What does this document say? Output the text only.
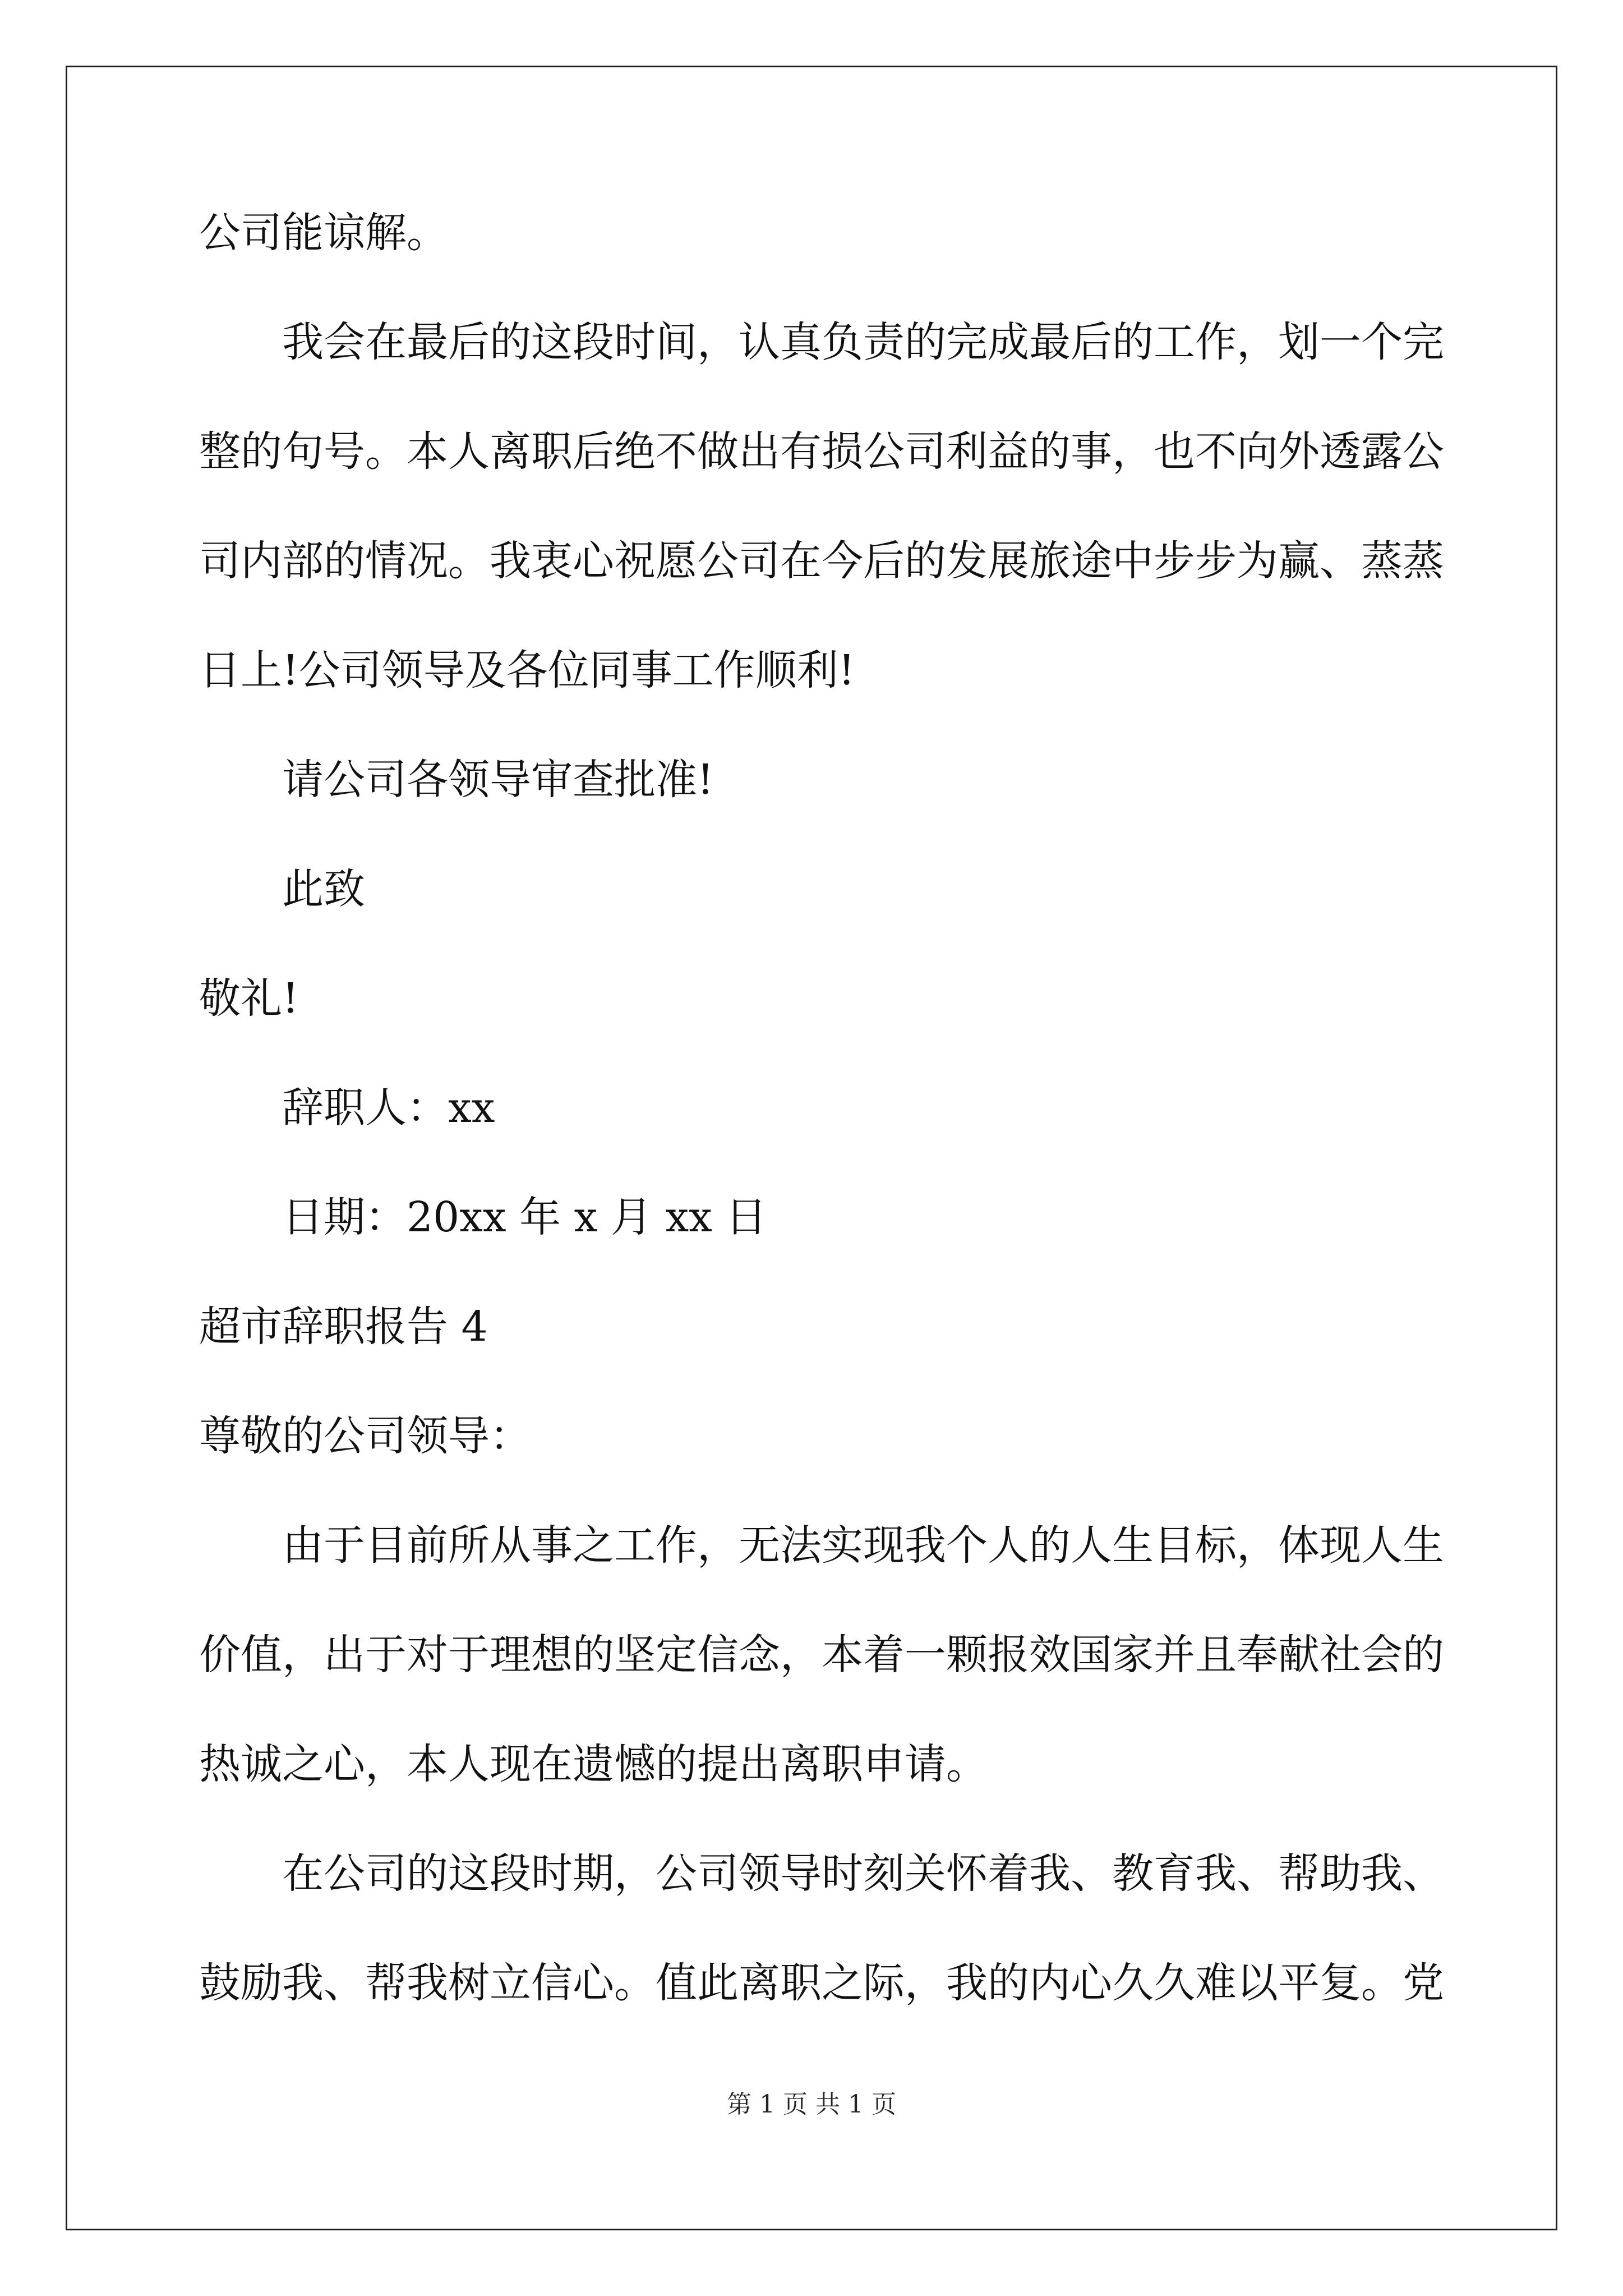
公司能谅解。
我会在最后的这段时间，认真负责的完成最后的工作，划一个完
整的句号。本人离职后绝不做出有损公司利益的事，也不向外透露公
司内部的情况。我衷心祝愿公司在今后的发展旅途中步步为赢、蒸蒸
日上!公司领导及各位同事工作顺利!
请公司各领导审查批准!
此致
敬礼!
辞职人：xx
日期：20xx 年 x 月 xx 日
超市辞职报告 4
尊敬的公司领导：
由于目前所从事之工作，无法实现我个人的人生目标，体现人生
价值，出于对于理想的坚定信念，本着一颗报效国家并且奉献社会的
热诚之心，本人现在遗憾的提出离职申请。
在公司的这段时期，公司领导时刻关怀着我、教育我、帮助我、
鼓励我、帮我树立信心。值此离职之际，我的内心久久难以平复。党
第 1 页 共 1 页
